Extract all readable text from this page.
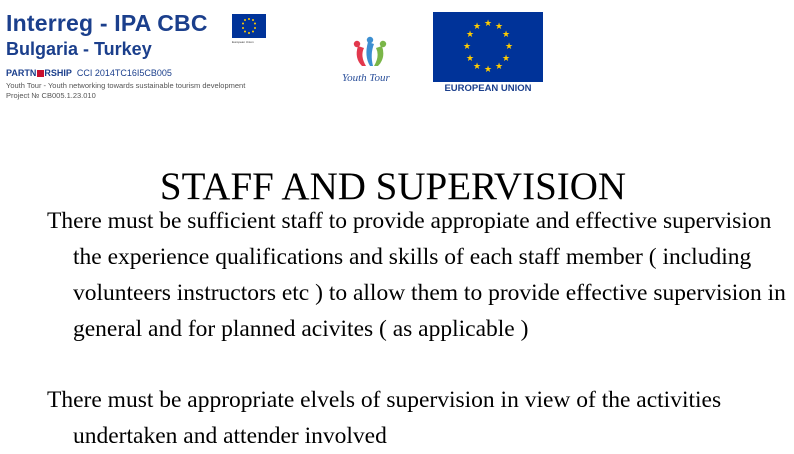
Interreg - IPA CBC
European Union
Bulgaria - Turkey
PARTN RSHIP CCI 2014TC16I5CB005
Youth Tour - Youth networking towards sustainable tourism development
Project № CB005.1.23.010
Youth Tour
★ ★
★
★
★
★
★
★
★
★
★
★
EUROPEAN UNION
STAFF AND SUPERVISION

There must be sufficient staff to provide appropiate and effective supervision the experience qualifications and skills of each staff member ( including volunteers instructors etc ) to allow them to provide effective supervision in general and for planned acivites ( as applicable )

There must be appropriate elvels of supervision in view of the activities undertaken and attender involved
